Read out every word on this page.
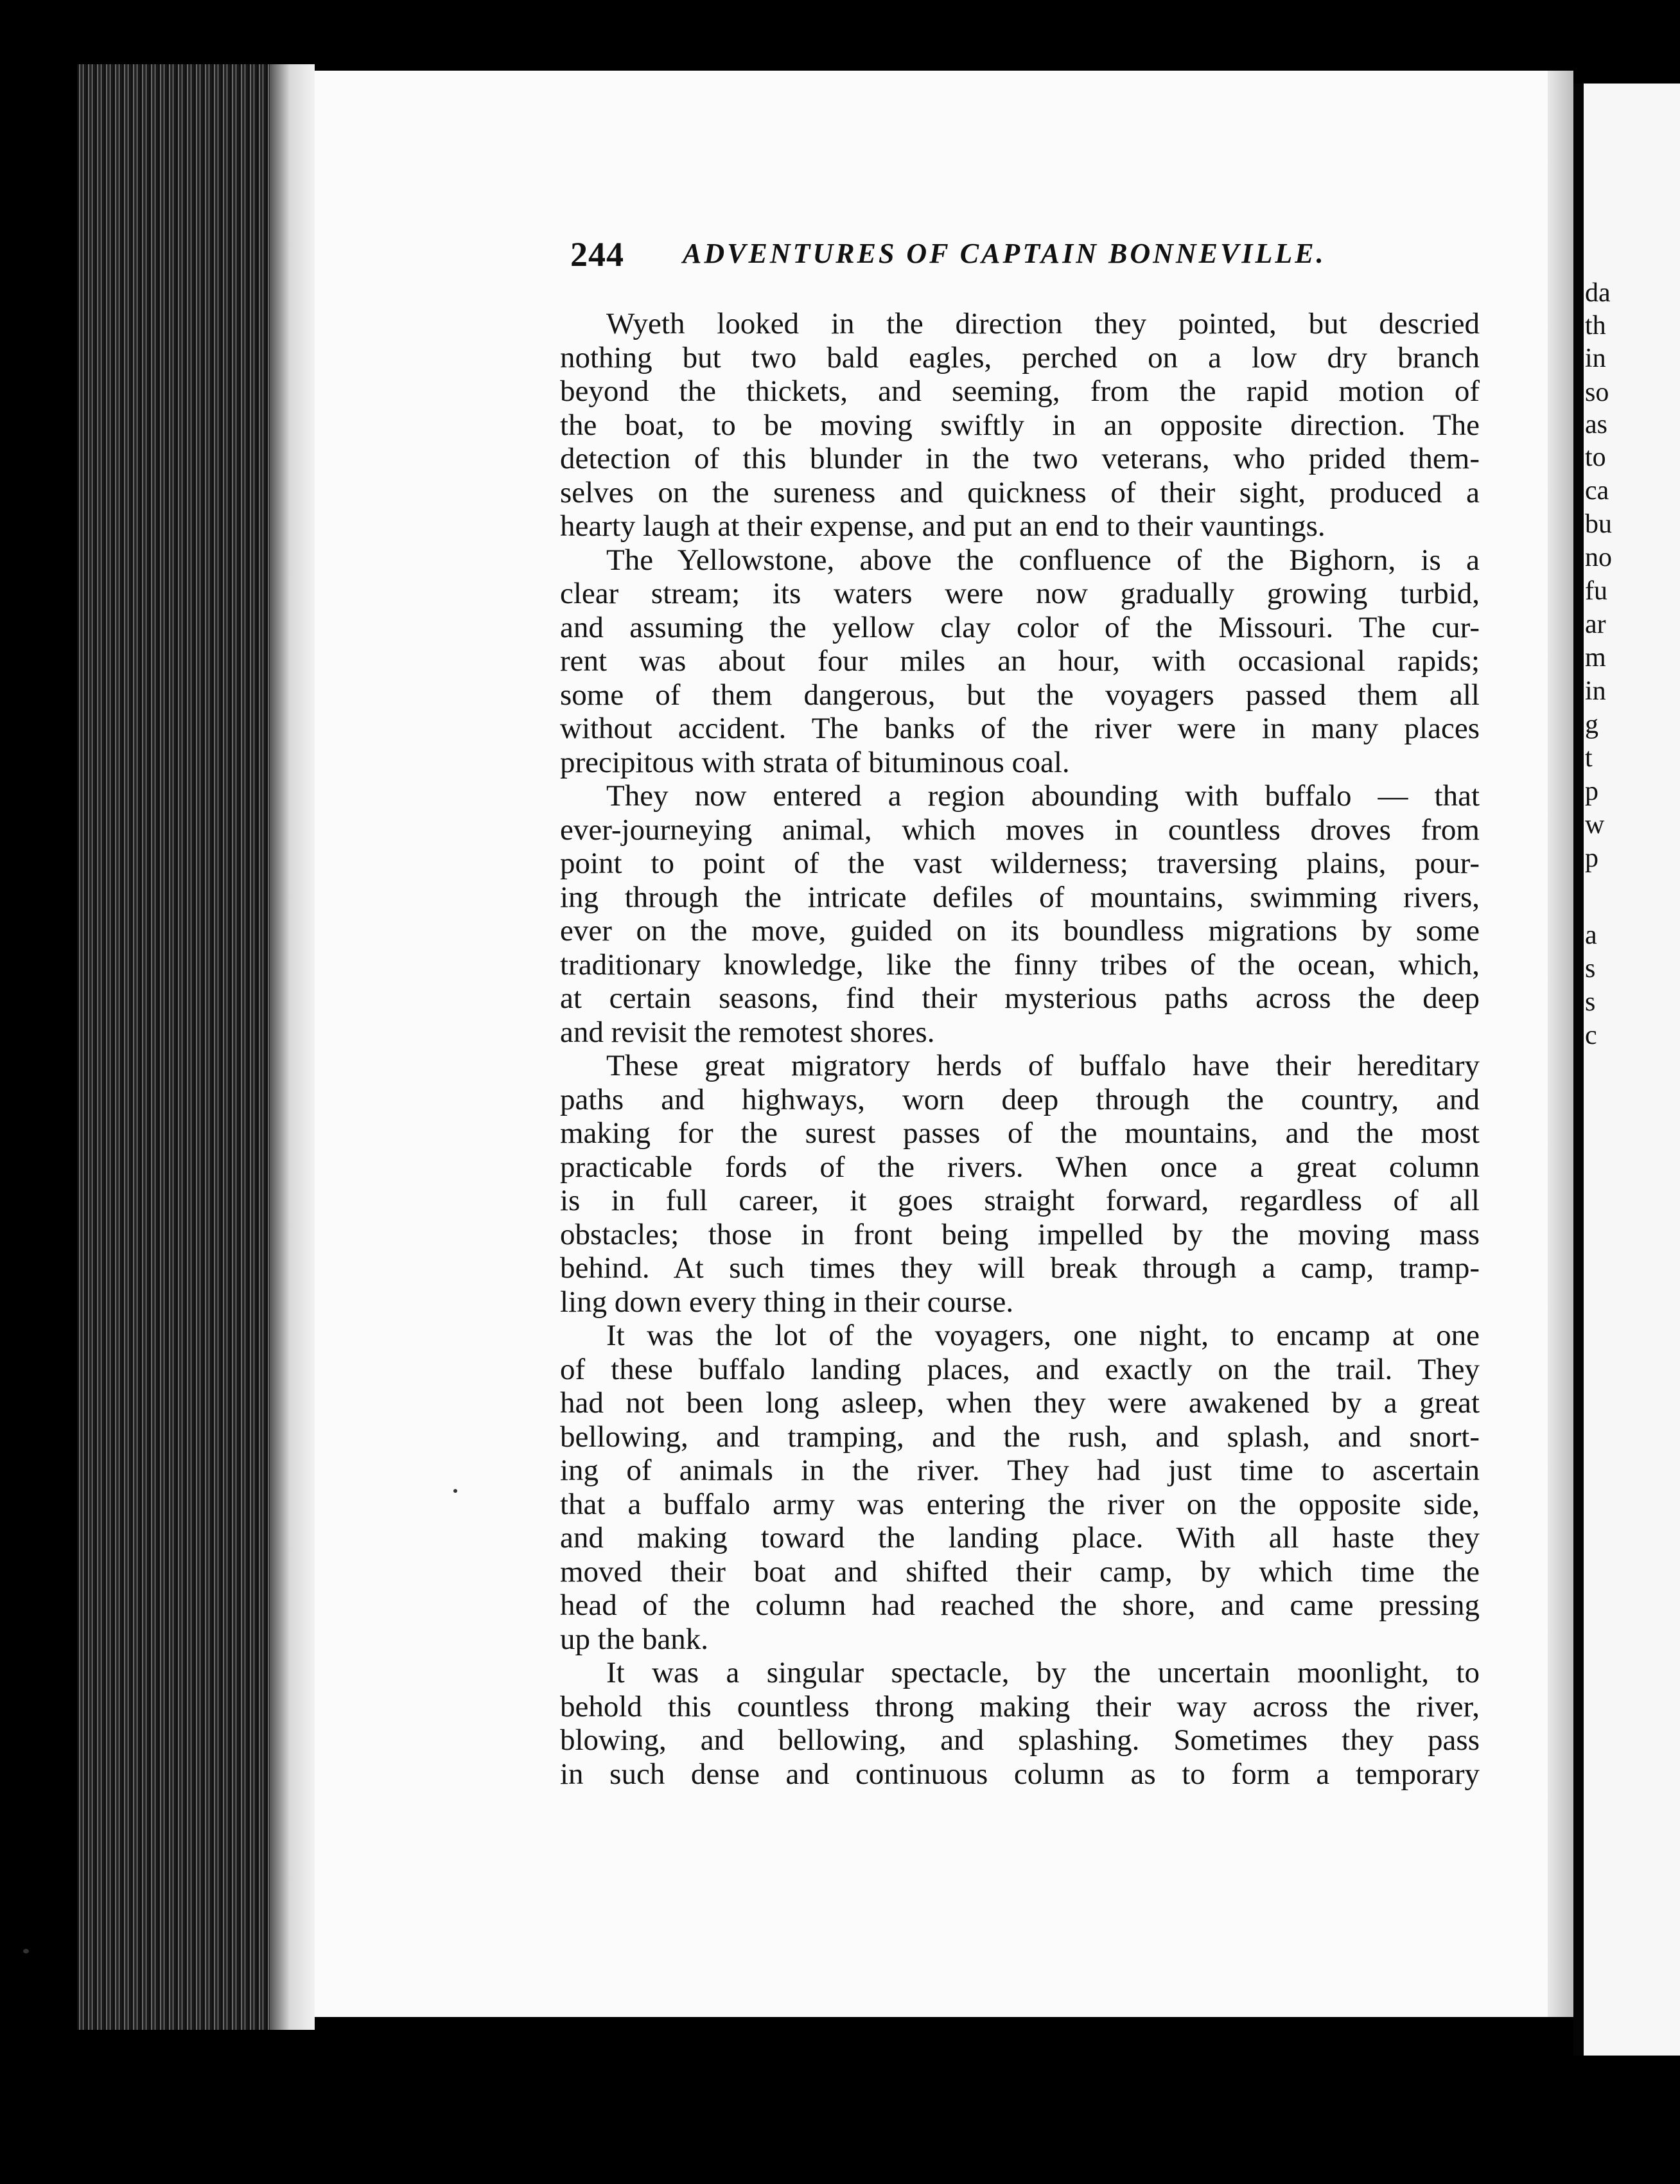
da
th
in
so
as
to
ca
bu
no
fu
ar
m
in
g
t
p
w
p
a
s
s
c
244 ADVENTURES OF CAPTAIN BONNEVILLE.

Wyeth looked in the direction they pointed, but descried

nothing but two bald eagles, perched on a low dry branch

beyond the thickets, and seeming, from the rapid motion of

the boat, to be moving swiftly in an opposite direction. The

detection of this blunder in the two veterans, who prided them-

selves on the sureness and quickness of their sight, produced a

hearty laugh at their expense, and put an end to their vauntings.

The Yellowstone, above the confluence of the Bighorn, is a

clear stream; its waters were now gradually growing turbid,

and assuming the yellow clay color of the Missouri. The cur-

rent was about four miles an hour, with occasional rapids;

some of them dangerous, but the voyagers passed them all

without accident. The banks of the river were in many places

precipitous with strata of bituminous coal.

They now entered a region abounding with buffalo — that

ever-journeying animal, which moves in countless droves from

point to point of the vast wilderness; traversing plains, pour-

ing through the intricate defiles of mountains, swimming rivers,

ever on the move, guided on its boundless migrations by some

traditionary knowledge, like the finny tribes of the ocean, which,

at certain seasons, find their mysterious paths across the deep

and revisit the remotest shores.

These great migratory herds of buffalo have their hereditary

paths and highways, worn deep through the country, and

making for the surest passes of the mountains, and the most

practicable fords of the rivers. When once a great column

is in full career, it goes straight forward, regardless of all

obstacles; those in front being impelled by the moving mass

behind. At such times they will break through a camp, tramp-

ling down every thing in their course.

It was the lot of the voyagers, one night, to encamp at one

of these buffalo landing places, and exactly on the trail. They

had not been long asleep, when they were awakened by a great

bellowing, and tramping, and the rush, and splash, and snort-

ing of animals in the river. They had just time to ascertain

that a buffalo army was entering the river on the opposite side,

and making toward the landing place. With all haste they

moved their boat and shifted their camp, by which time the

head of the column had reached the shore, and came pressing

up the bank.

It was a singular spectacle, by the uncertain moonlight, to

behold this countless throng making their way across the river,

blowing, and bellowing, and splashing. Sometimes they pass

in such dense and continuous column as to form a temporary
